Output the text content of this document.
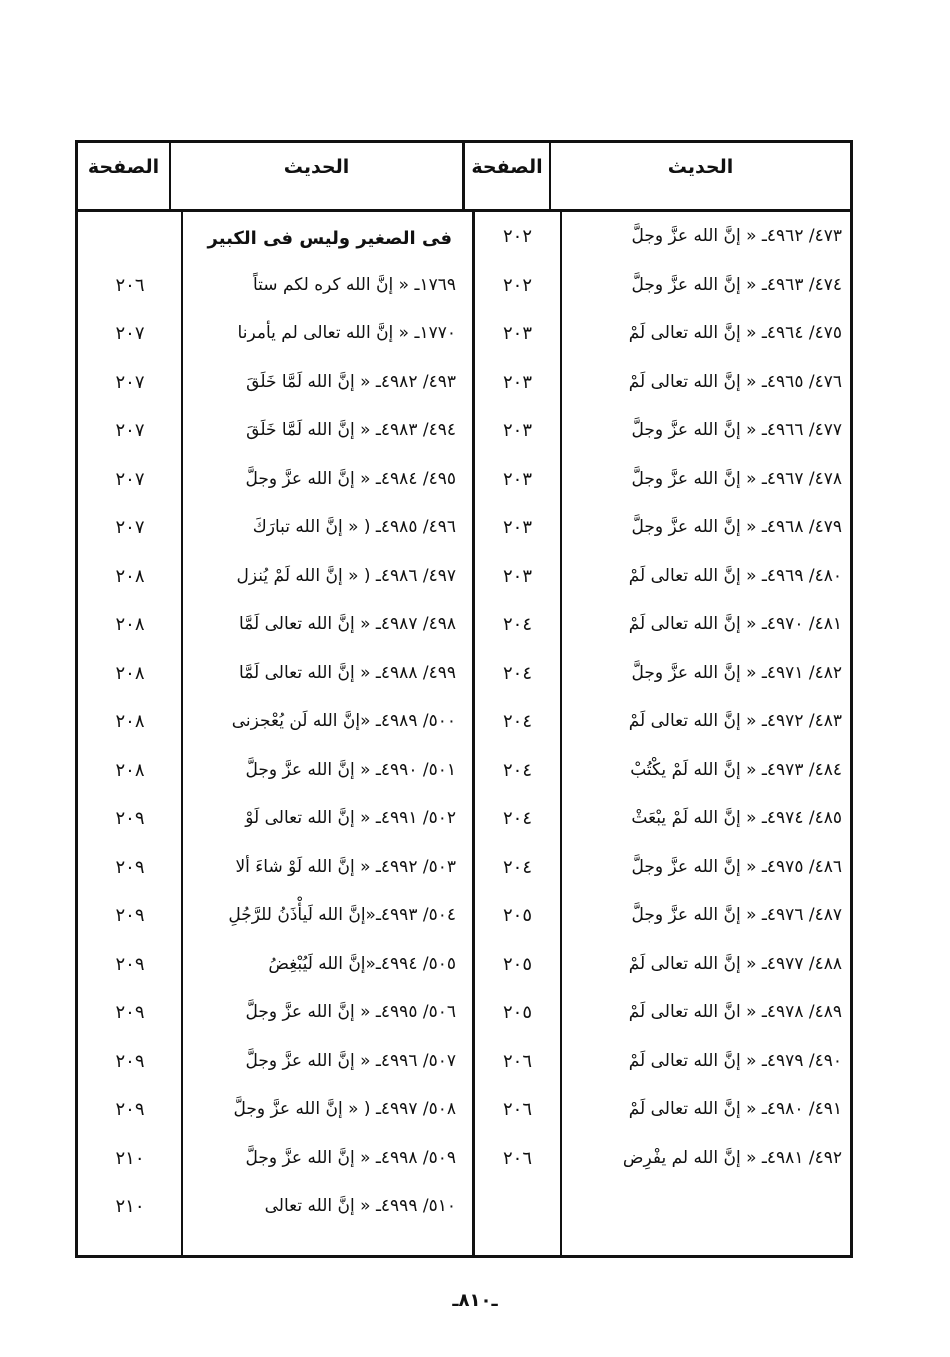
الحديث
الصفحة
الحديث
الصفحة
فى الصغير وليس فى الكبير	٤٧٣/ ٤٩٦٢ـ « إنَّ الله عزَّ وجلَّ
٢٠٢
٤٧٤/ ٤٩٦٣ـ « إنَّ الله عزَّ وجلَّ
٢٠٢
٤٧٥/ ٤٩٦٤ـ « إنَّ الله تعالى لَمْ
٢٠٣
٤٧٦/ ٤٩٦٥ـ « إنَّ الله تعالى لَمْ
٢٠٣
٤٧٧/ ٤٩٦٦ـ « إنَّ الله عزَّ وجلَّ
٢٠٣
٤٧٨/ ٤٩٦٧ـ « إنَّ الله عزَّ وجلَّ
٢٠٣
٤٧٩/ ٤٩٦٨ـ « إنَّ الله عزَّ وجلَّ
٢٠٣
٤٨٠/ ٤٩٦٩ـ « إنَّ الله تعالى لَمْ
٢٠٣
٤٨١/ ٤٩٧٠ـ « إنَّ الله تعالى لَمْ
٢٠٤
٤٨٢/ ٤٩٧١ـ « إنَّ الله عزَّ وجلَّ
٢٠٤
٤٨٣/ ٤٩٧٢ـ « إنَّ الله تعالى لَمْ
٢٠٤
٤٨٤/ ٤٩٧٣ـ « إنَّ الله لَمْ يكْتُبْ
٢٠٤
٤٨٥/ ٤٩٧٤ـ « إنَّ الله لَمْ يبْعَثْ
٢٠٤
٤٨٦/ ٤٩٧٥ـ « إنَّ الله عزَّ وجلَّ
٢٠٤
٤٨٧/ ٤٩٧٦ـ « إنَّ الله عزَّ وجلَّ
٢٠٥
٤٨٨/ ٤٩٧٧ـ « إنَّ الله تعالى لَمْ
٢٠٥
٤٨٩/ ٤٩٧٨ـ « انَّ الله تعالى لَمْ
٢٠٥
٤٩٠/ ٤٩٧٩ـ « إنَّ الله تعالى لَمْ
٢٠٦
٤٩١/ ٤٩٨٠ـ « إنَّ الله تعالى لَمْ
٢٠٦
٤٩٢/ ٤٩٨١ـ « إنَّ الله لم يفْرِض
٢٠٦
١٧٦٩ـ « إنَّ الله كره لكم ستاً
٢٠٦
١٧٧٠ـ « إنَّ الله تعالى لم يأمرنا
٢٠٧
٤٩٣/ ٤٩٨٢ـ « إنَّ الله لَمَّا خَلَقَ
٢٠٧
٤٩٤/ ٤٩٨٣ـ « إنَّ الله لَمَّا خَلَقَ
٢٠٧
٤٩٥/ ٤٩٨٤ـ « إنَّ الله عزَّ وجلَّ
٢٠٧
٤٩٦/ ٤٩٨٥ـ ( « إنَّ الله تبارَكَ
٢٠٧
٤٩٧/ ٤٩٨٦ـ ( « إنَّ الله لَمْ يُنزل
٢٠٨
٤٩٨/ ٤٩٨٧ـ « إنَّ الله تعالى لَمَّا
٢٠٨
٤٩٩/ ٤٩٨٨ـ « إنَّ الله تعالى لَمَّا
٢٠٨
٥٠٠/ ٤٩٨٩ـ «إنَّ الله لَن يُعْجزنى
٢٠٨
٥٠١/ ٤٩٩٠ـ « إنَّ الله عزَّ وجلَّ
٢٠٨
٥٠٢/ ٤٩٩١ـ « إنَّ الله تعالى لَوْ
٢٠٩
٥٠٣/ ٤٩٩٢ـ « إنَّ الله لَوْ شاءَ ألا
٢٠٩
٥٠٤/ ٤٩٩٣ـ«إنَّ الله لَيأْذَنُ للرَّجُلِ
٢٠٩
٥٠٥/ ٤٩٩٤ـ«إنَّ الله لَيُبْغِضُ
٢٠٩
٥٠٦/ ٤٩٩٥ـ « إنَّ الله عزَّ وجلَّ
٢٠٩
٥٠٧/ ٤٩٩٦ـ « إنَّ الله عزَّ وجلَّ
٢٠٩
٥٠٨/ ٤٩٩٧ـ ( « إنَّ الله عزَّ وجلَّ
٢٠٩
٥٠٩/ ٤٩٩٨ـ « إنَّ الله عزَّ وجلَّ
٢١٠
٥١٠/ ٤٩٩٩ـ « إنَّ الله تعالى
٢١٠
ـ٨١٠ـ
